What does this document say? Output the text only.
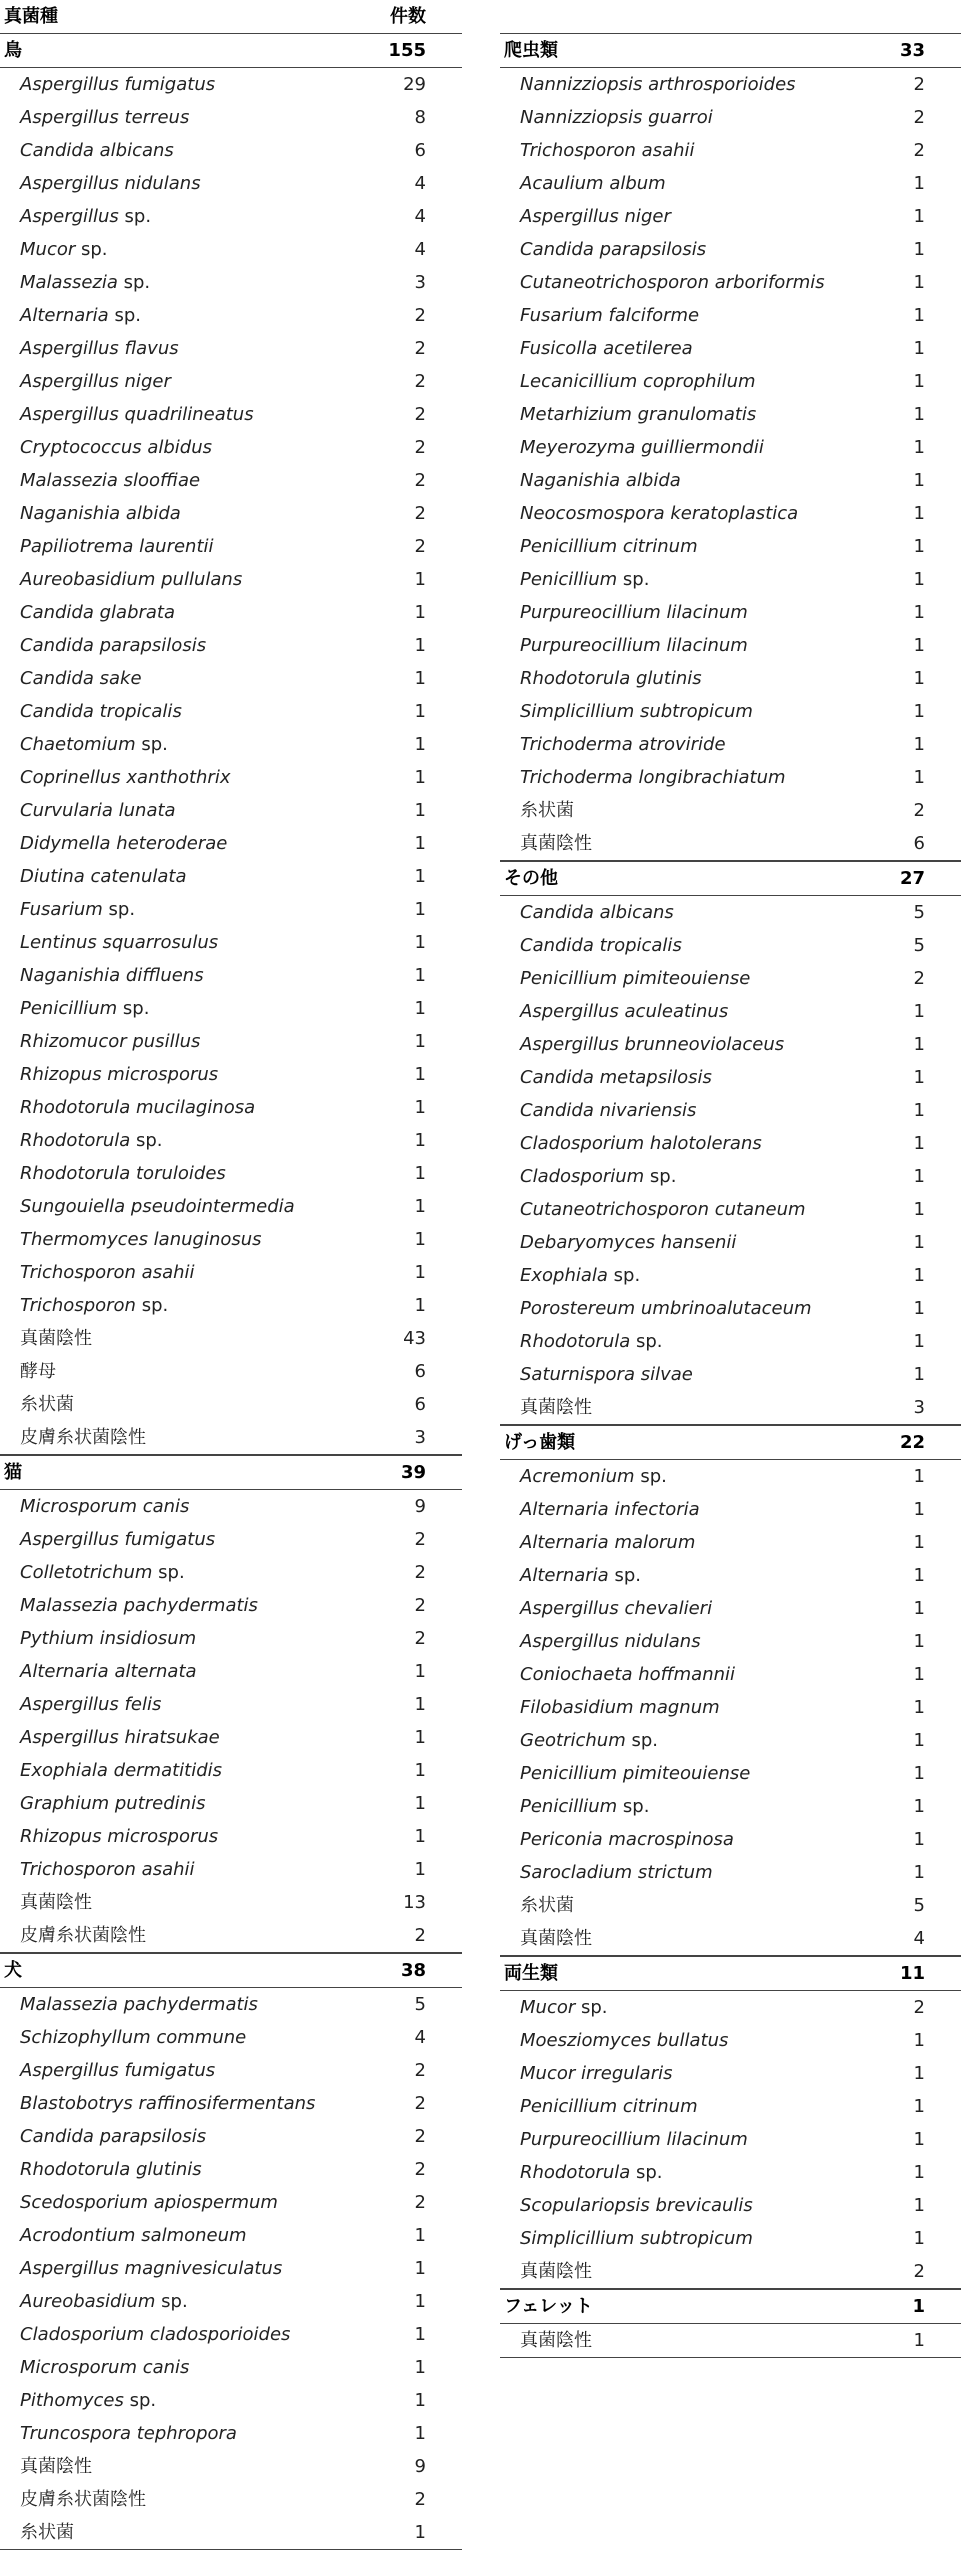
真菌種	件数
鳥	155
Aspergillus fumigatus	29
Aspergillus terreus	8
Candida albicans	6
Aspergillus nidulans	4
Aspergillus sp.	4
Mucor sp.	4
Malassezia sp.	3
Alternaria sp.	2
Aspergillus flavus	2
Aspergillus niger	2
Aspergillus quadrilineatus	2
Cryptococcus albidus	2
Malassezia slooffiae	2
Naganishia albida	2
Papiliotrema laurentii	2
Aureobasidium pullulans	1
Candida glabrata	1
Candida parapsilosis	1
Candida sake	1
Candida tropicalis	1
Chaetomium sp.	1
Coprinellus xanthothrix	1
Curvularia lunata	1
Didymella heteroderae	1
Diutina catenulata	1
Fusarium sp.	1
Lentinus squarrosulus	1
Naganishia diffluens	1
Penicillium sp.	1
Rhizomucor pusillus	1
Rhizopus microsporus	1
Rhodotorula mucilaginosa	1
Rhodotorula sp.	1
Rhodotorula toruloides	1
Sungouiella pseudointermedia	1
Thermomyces lanuginosus	1
Trichosporon asahii	1
Trichosporon sp.	1
真菌陰性	43
酵母	6
糸状菌	6
皮膚糸状菌陰性	3
猫	39
Microsporum canis	9
Aspergillus fumigatus	2
Colletotrichum sp.	2
Malassezia pachydermatis	2
Pythium insidiosum	2
Alternaria alternata	1
Aspergillus felis	1
Aspergillus hiratsukae	1
Exophiala dermatitidis	1
Graphium putredinis	1
Rhizopus microsporus	1
Trichosporon asahii	1
真菌陰性	13
皮膚糸状菌陰性	2
犬	38
Malassezia pachydermatis	5
Schizophyllum commune	4
Aspergillus fumigatus	2
Blastobotrys raffinosifermentans	2
Candida parapsilosis	2
Rhodotorula glutinis	2
Scedosporium apiospermum	2
Acrodontium salmoneum	1
Aspergillus magnivesiculatus	1
Aureobasidium sp.	1
Cladosporium cladosporioides	1
Microsporum canis	1
Pithomyces sp.	1
Truncospora tephropora	1
真菌陰性	9
皮膚糸状菌陰性	2
糸状菌	1
爬虫類	33
Nannizziopsis arthrosporioides	2
Nannizziopsis guarroi	2
Trichosporon asahii	2
Acaulium album	1
Aspergillus niger	1
Candida parapsilosis	1
Cutaneotrichosporon arboriformis	1
Fusarium falciforme	1
Fusicolla acetilerea	1
Lecanicillium coprophilum	1
Metarhizium granulomatis	1
Meyerozyma guilliermondii	1
Naganishia albida	1
Neocosmospora keratoplastica	1
Penicillium citrinum	1
Penicillium sp.	1
Purpureocillium lilacinum	1
Purpureocillium lilacinum	1
Rhodotorula glutinis	1
Simplicillium subtropicum	1
Trichoderma atroviride	1
Trichoderma longibrachiatum	1
糸状菌	2
真菌陰性	6
その他	27
Candida albicans	5
Candida tropicalis	5
Penicillium pimiteouiense	2
Aspergillus aculeatinus	1
Aspergillus brunneoviolaceus	1
Candida metapsilosis	1
Candida nivariensis	1
Cladosporium halotolerans	1
Cladosporium sp.	1
Cutaneotrichosporon cutaneum	1
Debaryomyces hansenii	1
Exophiala sp.	1
Porostereum umbrinoalutaceum	1
Rhodotorula sp.	1
Saturnispora silvae	1
真菌陰性	3
げっ歯類	22
Acremonium sp.	1
Alternaria infectoria	1
Alternaria malorum	1
Alternaria sp.	1
Aspergillus chevalieri	1
Aspergillus nidulans	1
Coniochaeta hoffmannii	1
Filobasidium magnum	1
Geotrichum sp.	1
Penicillium pimiteouiense	1
Penicillium sp.	1
Periconia macrospinosa	1
Sarocladium strictum	1
糸状菌	5
真菌陰性	4
両生類	11
Mucor sp.	2
Moesziomyces bullatus	1
Mucor irregularis	1
Penicillium citrinum	1
Purpureocillium lilacinum	1
Rhodotorula sp.	1
Scopulariopsis brevicaulis	1
Simplicillium subtropicum	1
真菌陰性	2
フェレット	1
真菌陰性	1
